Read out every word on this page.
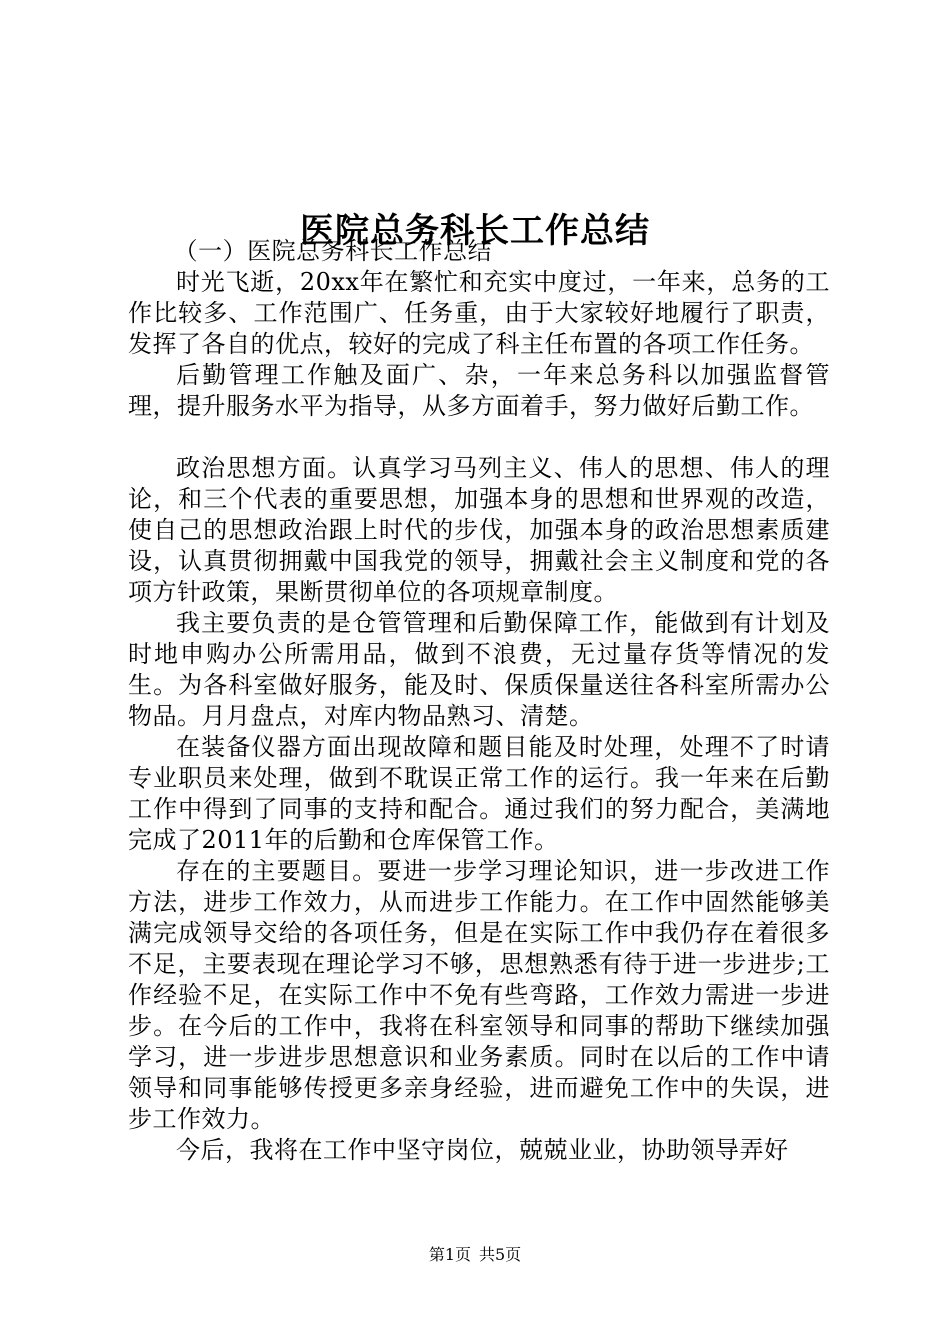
医院总务科长工作总结

（一）医院总务科长工作总结

时光飞逝，20xx年在繁忙和充实中度过，一年来，总务的工作比较多、工作范围广、任务重，由于大家较好地履行了职责，发挥了各自的优点，较好的完成了科主任布置的各项工作任务。

后勤管理工作触及面广、杂，一年来总务科以加强监督管理，提升服务水平为指导，从多方面着手，努力做好后勤工作。

政治思想方面。认真学习马列主义、伟人的思想、伟人的理论，和三个代表的重要思想，加强本身的思想和世界观的改造，使自己的思想政治跟上时代的步伐，加强本身的政治思想素质建设，认真贯彻拥戴中国我党的领导，拥戴社会主义制度和党的各项方针政策，果断贯彻单位的各项规章制度。

我主要负责的是仓管管理和后勤保障工作，能做到有计划及时地申购办公所需用品，做到不浪费，无过量存货等情况的发生。为各科室做好服务，能及时、保质保量送往各科室所需办公物品。月月盘点，对库内物品熟习、清楚。

在装备仪器方面出现故障和题目能及时处理，处理不了时请专业职员来处理，做到不耽误正常工作的运行。我一年来在后勤工作中得到了同事的支持和配合。通过我们的努力配合，美满地完成了2011年的后勤和仓库保管工作。

存在的主要题目。要进一步学习理论知识，进一步改进工作方法，进步工作效力，从而进步工作能力。在工作中固然能够美满完成领导交给的各项任务，但是在实际工作中我仍存在着很多不足，主要表现在理论学习不够，思想熟悉有待于进一步进步;工作经验不足，在实际工作中不免有些弯路，工作效力需进一步进步。在今后的工作中，我将在科室领导和同事的帮助下继续加强学习，进一步进步思想意识和业务素质。同时在以后的工作中请领导和同事能够传授更多亲身经验，进而避免工作中的失误，进步工作效力。

今后，我将在工作中坚守岗位，兢兢业业，协助领导弄好

第1页 共5页
